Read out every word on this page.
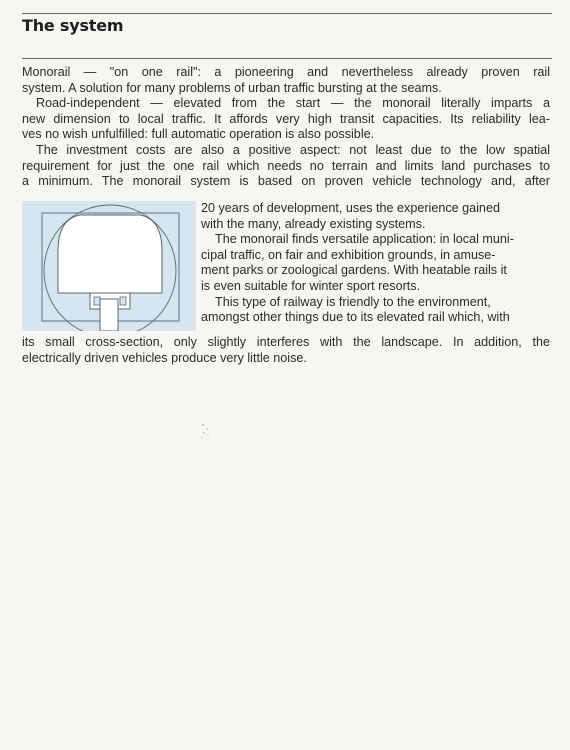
The system
Monorail — "on one rail": a pioneering and nevertheless already proven rail
system. A solution for many problems of urban traffic bursting at the seams.
Road-independent — elevated from the start — the monorail literally imparts a
new dimension to local traffic. It affords very high transit capacities. Its reliability lea-
ves no wish unfulfilled: full automatic operation is also possible.
The investment costs are also a positive aspect: not least due to the low spatial
requirement for just the one rail which needs no terrain and limits land purchases to
a minimum. The monorail system is based on proven vehicle technology and, after
20 years of development, uses the experience gained
with the many, already existing systems.
The monorail finds versatile application: in local muni-
cipal traffic, on fair and exhibition grounds, in amuse-
ment parks or zoological gardens. With heatable rails it
is even suitable for winter sport resorts.
This type of railway is friendly to the environment,
amongst other things due to its elevated rail which, with
its small cross-section, only slightly interferes with the landscape. In addition, the
electrically driven vehicles produce very little noise.
